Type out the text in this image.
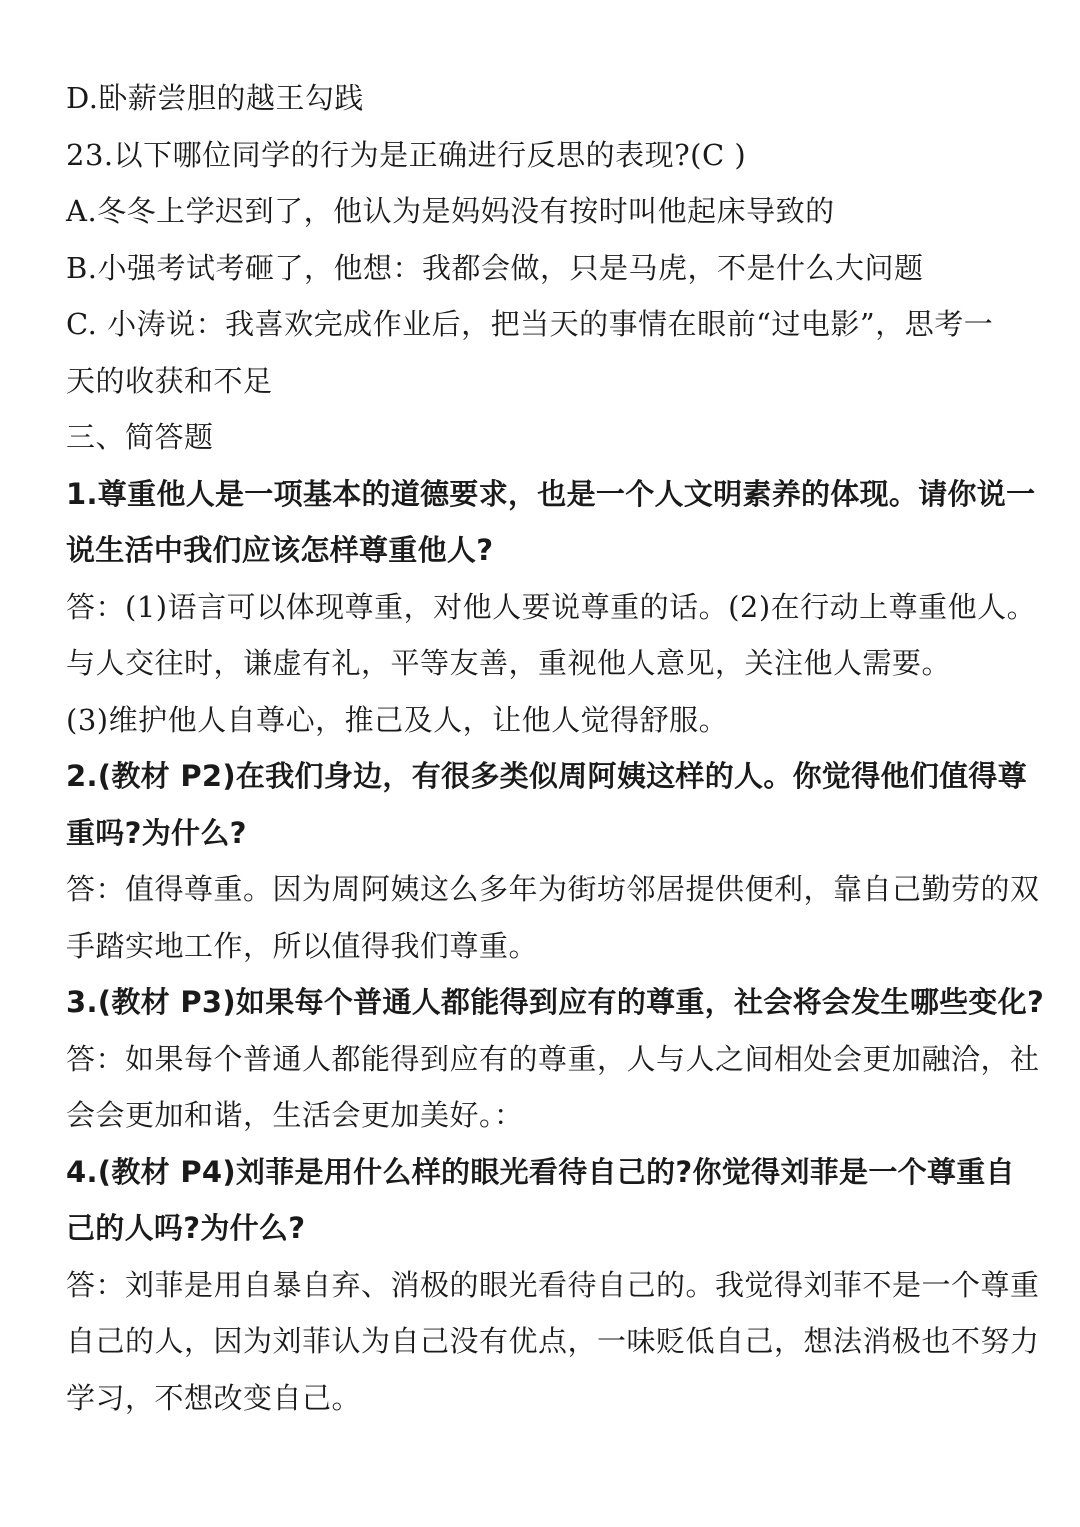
D.卧薪尝胆的越王勾践
23.以下哪位同学的行为是正确进行反思的表现?(C )
A.冬冬上学迟到了，他认为是妈妈没有按时叫他起床导致的
B.小强考试考砸了，他想：我都会做，只是马虎，不是什么大问题
C. 小涛说：我喜欢完成作业后，把当天的事情在眼前“过电影”，思考一
天的收获和不足
三、简答题
1.尊重他人是一项基本的道德要求，也是一个人文明素养的体现。请你说一
说生活中我们应该怎样尊重他人?
答：(1)语言可以体现尊重，对他人要说尊重的话。(2)在行动上尊重他人。
与人交往时，谦虚有礼，平等友善，重视他人意见，关注他人需要。
(3)维护他人自尊心，推己及人，让他人觉得舒服。
2.(教材 P2)在我们身边，有很多类似周阿姨这样的人。你觉得他们值得尊
重吗?为什么?
答：值得尊重。因为周阿姨这么多年为街坊邻居提供便利，靠自己勤劳的双
手踏实地工作，所以值得我们尊重。
3.(教材 P3)如果每个普通人都能得到应有的尊重，社会将会发生哪些变化?
答：如果每个普通人都能得到应有的尊重，人与人之间相处会更加融洽，社
会会更加和谐，生活会更加美好。：
4.(教材 P4)刘菲是用什么样的眼光看待自己的?你觉得刘菲是一个尊重自
己的人吗?为什么?
答：刘菲是用自暴自弃、消极的眼光看待自己的。我觉得刘菲不是一个尊重
自己的人，因为刘菲认为自己没有优点，一味贬低自己，想法消极也不努力
学习，不想改变自己。
